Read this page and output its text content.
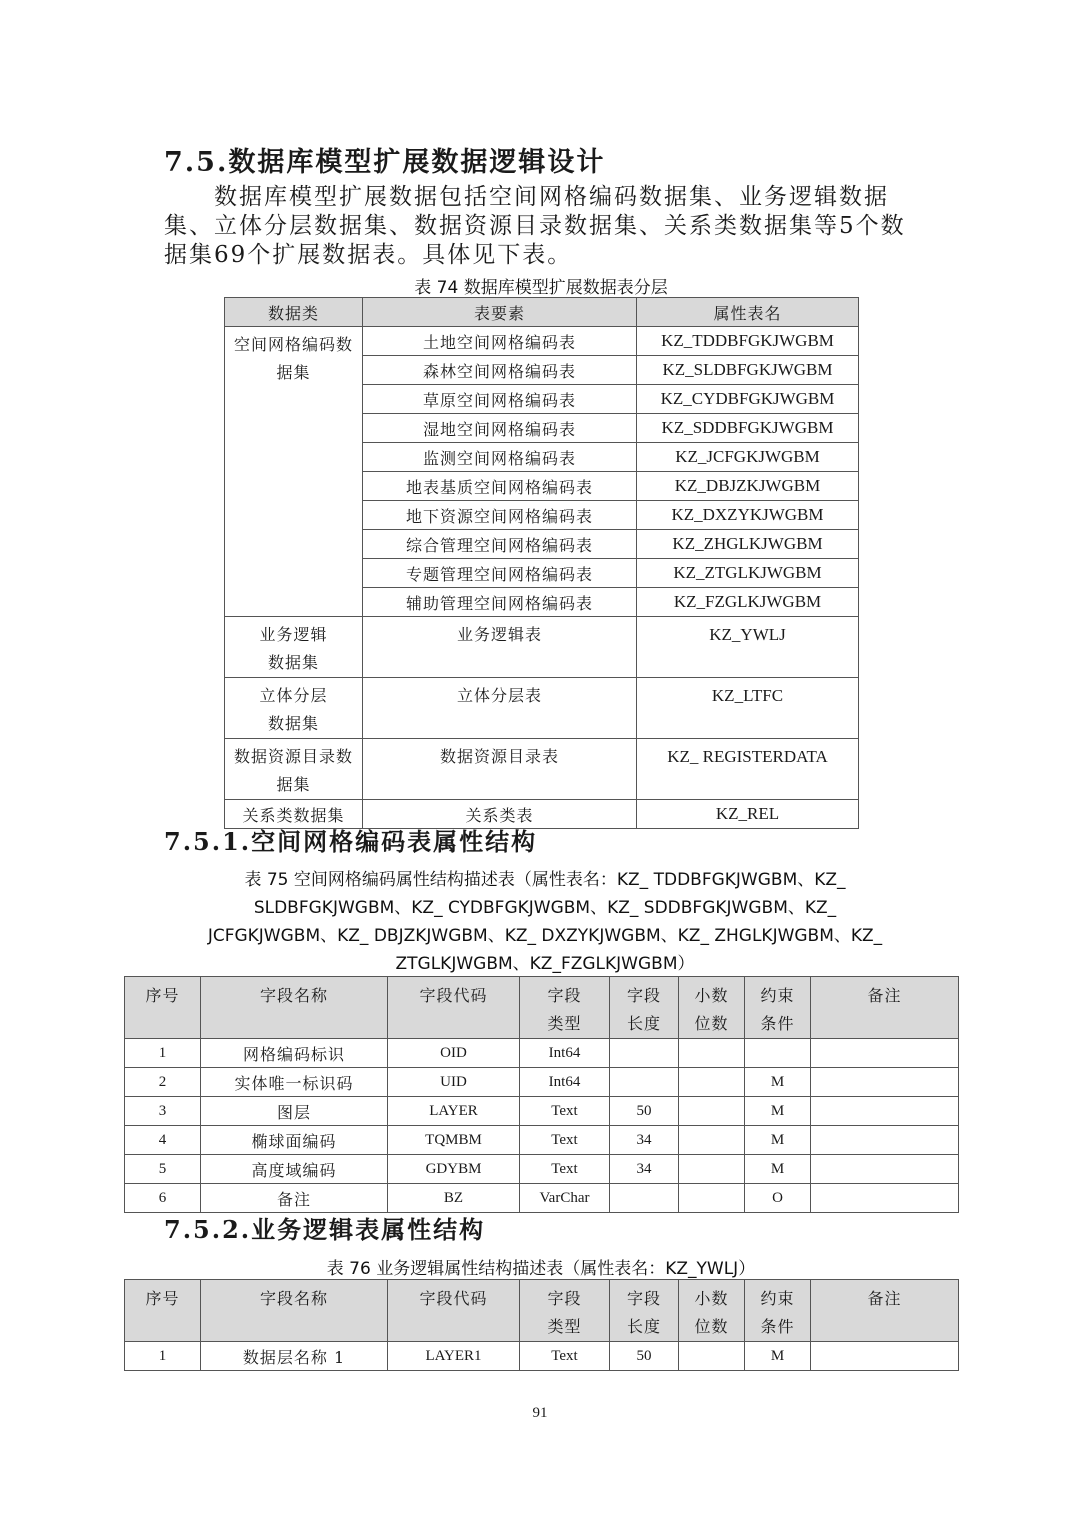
7.5.数据库模型扩展数据逻辑设计

数据库模型扩展数据包括空间网格编码数据集、业务逻辑数据集、立体分层数据集、数据资源目录数据集、关系类数据集等5个数据集69个扩展数据表。具体见下表。

表 74 数据库模型扩展数据表分层
数据类	表要素	属性表名
空间网格编码数据集	土地空间网格编码表	KZ_TDDBFGKJWGBM
	森林空间网格编码表	KZ_SLDBFGKJWGBM
	草原空间网格编码表	KZ_CYDBFGKJWGBM
	湿地空间网格编码表	KZ_SDDBFGKJWGBM
	监测空间网格编码表	KZ_JCFGKJWGBM
	地表基质空间网格编码表	KZ_DBJZKJWGBM
	地下资源空间网格编码表	KZ_DXZYKJWGBM
	综合管理空间网格编码表	KZ_ZHGLKJWGBM
	专题管理空间网格编码表	KZ_ZTGLKJWGBM
	辅助管理空间网格编码表	KZ_FZGLKJWGBM
业务逻辑数据集	业务逻辑表	KZ_YWLJ
立体分层数据集	立体分层表	KZ_LTFC
数据资源目录数据集	数据资源目录表	KZ_ REGISTERDATA
关系类数据集	关系类表	KZ_REL
7.5.1.空间网格编码表属性结构
表 75 空间网格编码属性结构描述表（属性表名：KZ_ TDDBFGKJWGBM、KZ_ SLDBFGKJWGBM、KZ_ CYDBFGKJWGBM、KZ_ SDDBFGKJWGBM、KZ_ JCFGKJWGBM、KZ_ DBJZKJWGBM、KZ_ DXZYKJWGBM、KZ_ ZHGLKJWGBM、KZ_ ZTGLKJWGBM、KZ_FZGLKJWGBM）
序号	字段名称	字段代码	字段类型	字段长度	小数位数	约束条件	备注
1	网格编码标识	OID	Int64				
2	实体唯一标识码	UID	Int64			M	
3	图层	LAYER	Text	50		M	
4	椭球面编码	TQMBM	Text	34		M	
5	高度域编码	GDYBM	Text	34		M	
6	备注	BZ	VarChar			O	
7.5.2.业务逻辑表属性结构
表 76 业务逻辑属性结构描述表（属性表名：KZ_YWLJ）
序号	字段名称	字段代码	字段类型	字段长度	小数位数	约束条件	备注
1	数据层名称 1	LAYER1	Text	50		M	
91
